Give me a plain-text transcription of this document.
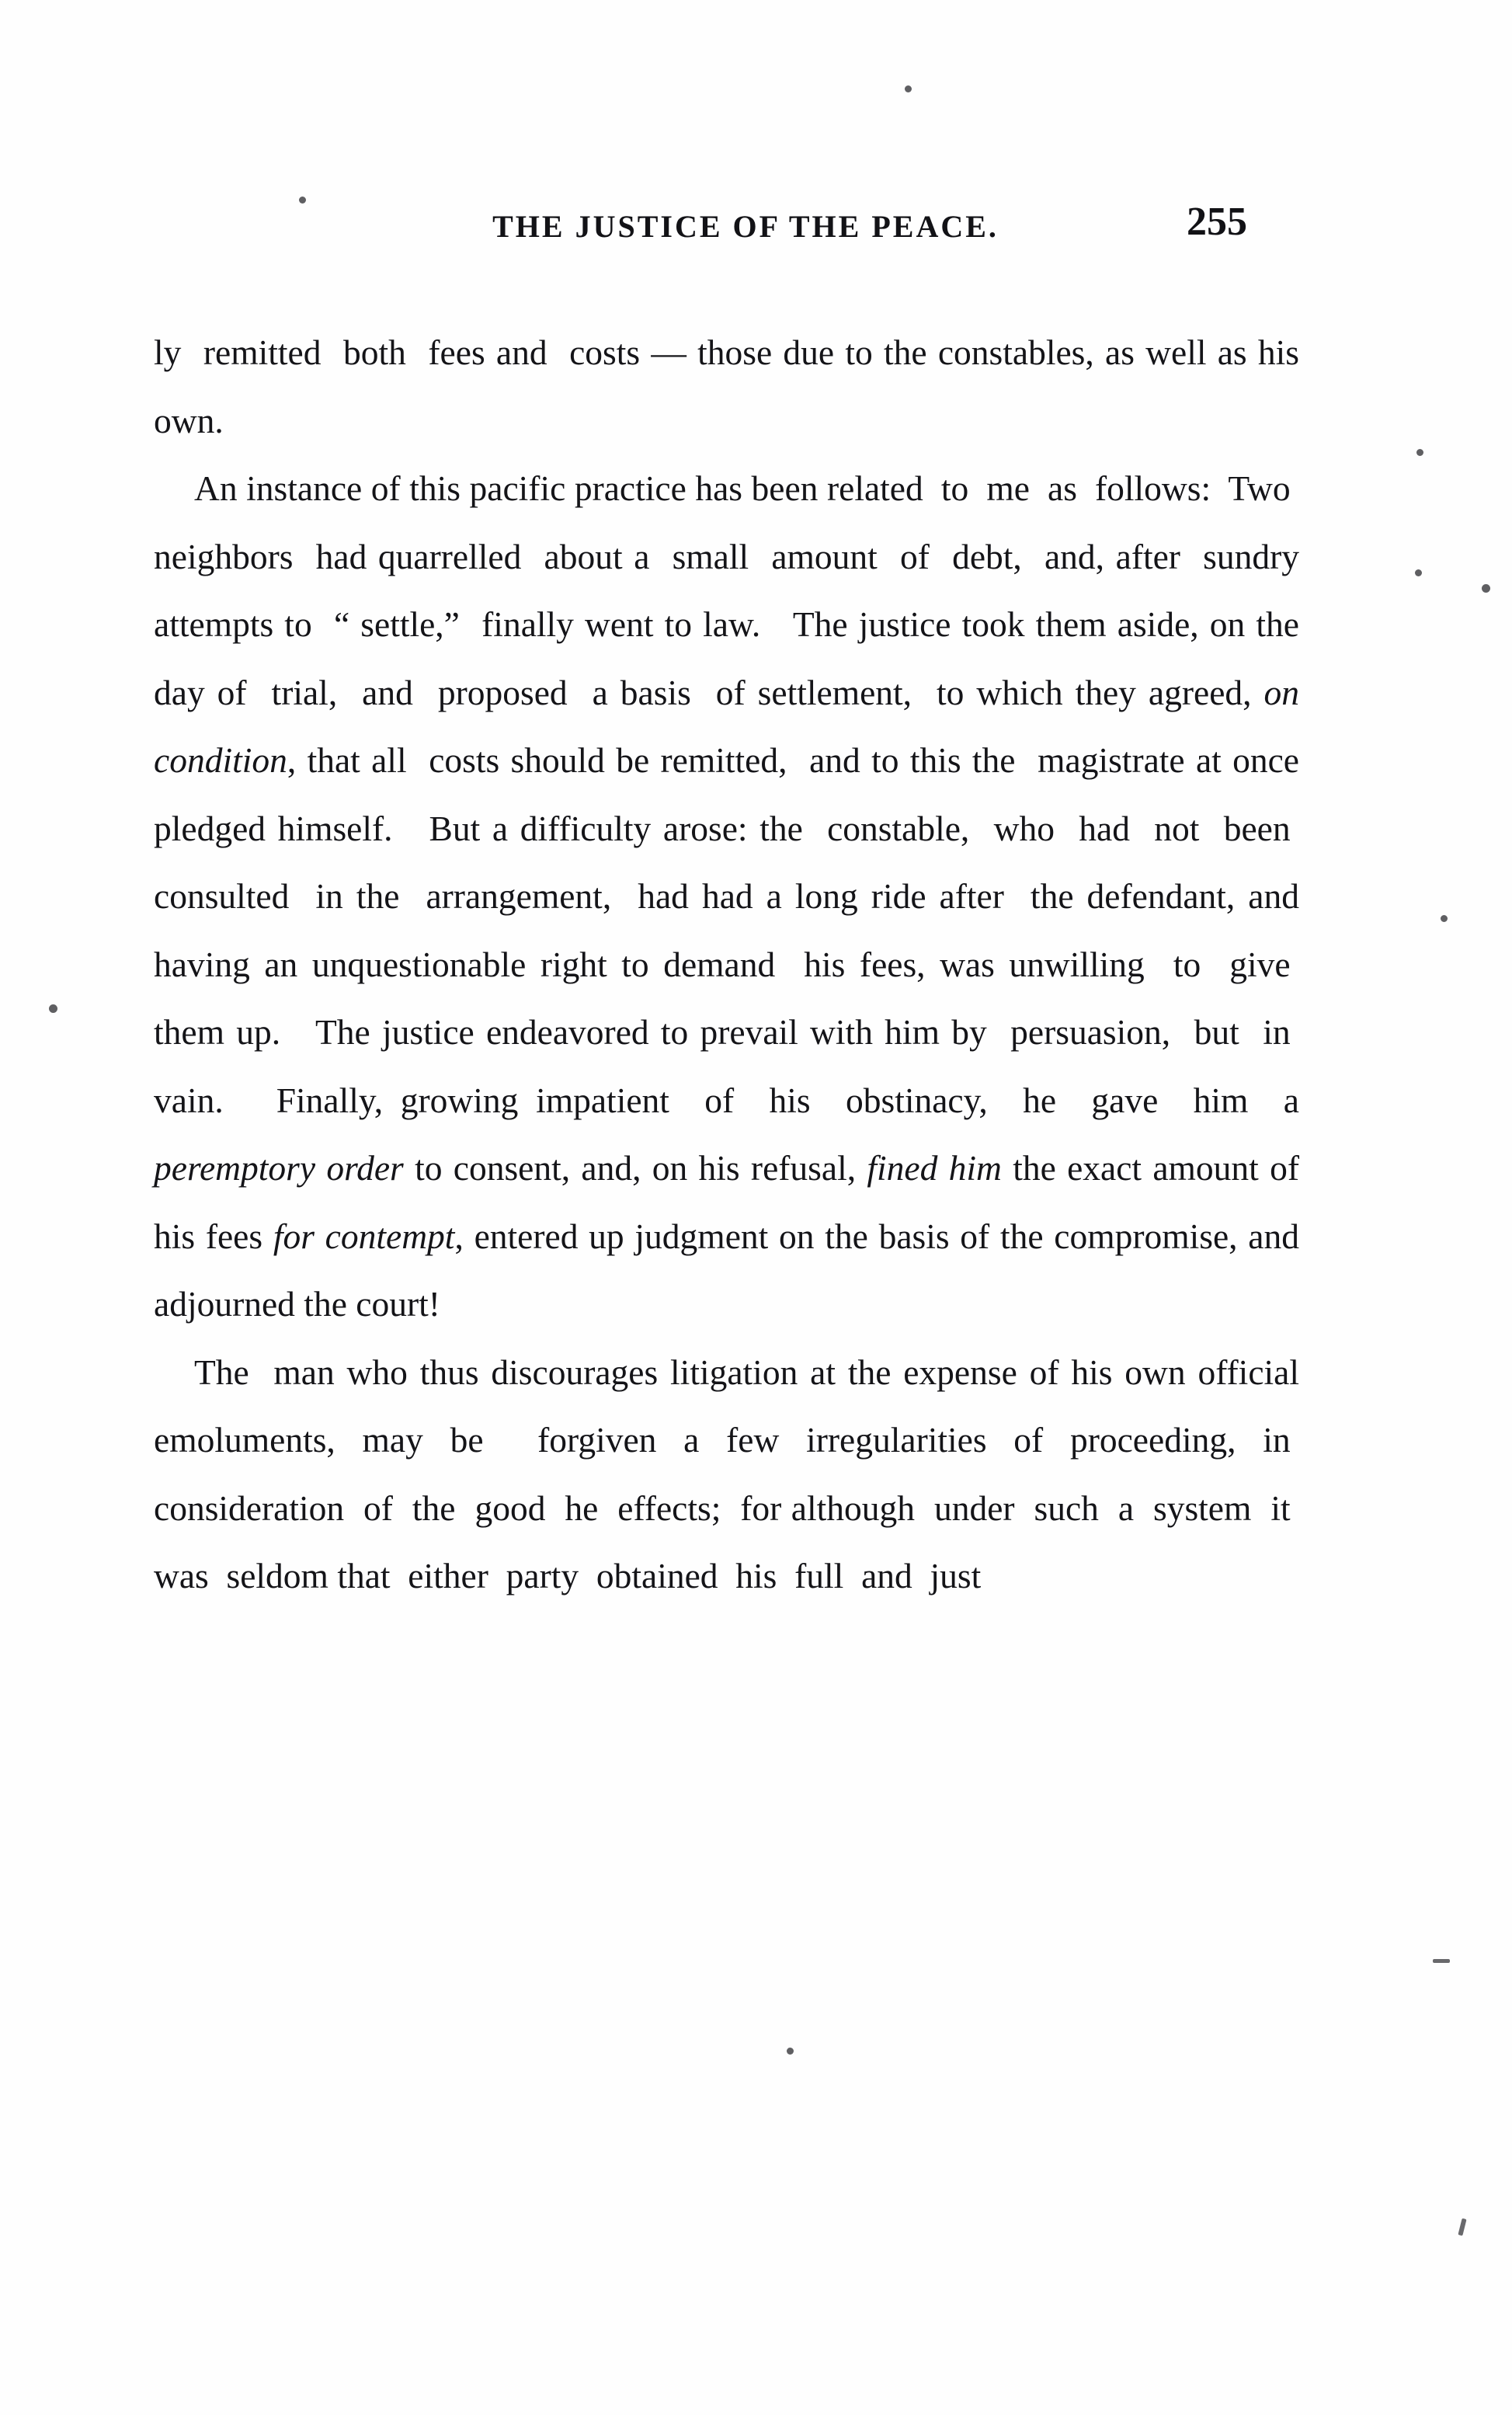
THE JUSTICE OF THE PEACE.	255

ly  remitted  both  fees and  costs — those due to the constables, as well as his own.

An instance of this pacific practice has been related  to  me  as  follows:  Two  neighbors  had quarrelled  about a  small  amount  of  debt,  and, after  sundry attempts to  “ settle,”  finally went to law.   The justice took them aside, on the day of  trial,  and  proposed  a basis  of settlement,  to which they agreed, on condition, that all  costs should be remitted,  and to this the  magistrate at once pledged himself.   But a difficulty arose: the  constable,  who  had  not  been  consulted  in the  arrangement,  had had a long ride after  the defendant, and having an unquestionable right to demand  his fees, was unwilling  to  give  them up.   The justice endeavored to prevail with him by  persuasion,  but  in  vain.   Finally, growing impatient  of  his  obstinacy,  he  gave  him  a peremptory order to consent, and, on his refusal, fined him the exact amount of his fees for contempt, entered up judgment on the basis of the compromise, and adjourned the court!

The  man who thus discourages litigation at the expense of his own official emoluments, may be  forgiven a few irregularities of proceeding, in  consideration  of  the  good  he  effects;  for although  under  such  a  system  it  was  seldom that  either  party  obtained  his  full  and  just
